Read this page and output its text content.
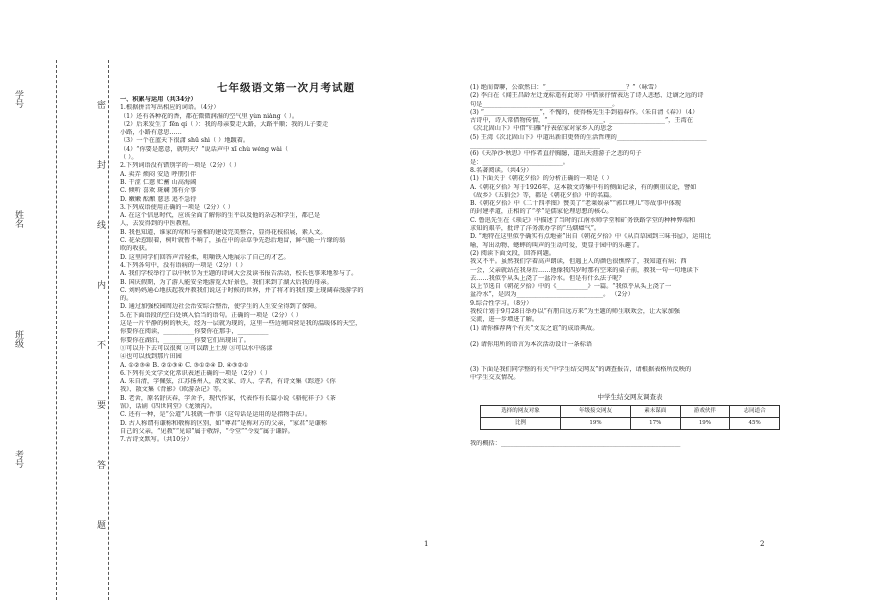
学号
姓名
班级
考号
密
封
线
内
不
要
答
题
七年级语文第一次月考试题
一、积累与运用（共34分）
1.根据拼音写出相应的词语。（4分）
（1）还有各种花的香，都在微微润湿的空气里 yùn niàng（ ）。
（2）后来发生了 fēn qí（ ）：我的母亲要走大路，大路平顺；我的儿子要走
小路，小路有意思……
（3）一个在蓝天下很潇 shū shì（ ）地踱着。
（4）“你要是愿意，就明天？”说话声中 xī chù wéng wài（
（ ）。
2.下列词语没有错别字的一项是（2分）（ ）
A. 卖弄 烦闷 安适 呼朋引伴
B. 干涩 仁慈 贮蓄 山高海阔
C. 倾听 喜欢 斑斓 煞有介事
D. 嫩嫩 酝酿 慈悲 追不急待
3.下列成语使用正确的一项是（2分）（ ）
A. 在这个信息时代，应该全面了解你的生平以及他的杂志和学生，都已是
人，去发得到的中医教程。
B. 我也知道，谁家的莺和与雀相的建设完美整合，显得花枝招展，素人文。
C. 花朵惹眼着，树叶就暂不响了，虽在中的杂草争先恐后地冒，鲜气脆一片缘的翁
欧的收获。
D. 这里同学们回答声音轻柔，咀嚼铁入地展示了自己的才艺。
4.下列各句中，没有语病的一项是（2分）（ ）
A. 我们学校举行了以中秋节为主题的诗词大会及读书报告活动，校长也事来地参与了。
B. 国庆假期，为了游人能安全地游览大好景色，我们来到了湖大后我的母亲。
C. 刘妈妈通心地扶起我并教我们说这于时候的世界，并了将才的我们要上现阔春漫游学的
的。
D. 通过加强校园周边社会治安综合整治，使学生的人生安全得到了保障。
5.在下面语段的空白处填入恰当的语句。正确的一项是（2分）（ ）
这是一片平静的树的秋天，经为一层就为现的，这里一些边境国营是我的温暖体的天空，
你要你在阅读，__________你要你在那手，__________
你要你在湖泊，__________你要它们出现出了。
①可以升下去可以很爽 ②可以踏上土房 ③可以水中荡漾
④也可以找到那片田园
A. ①②③④ B. ②①③④ C. ③①②④ D. ④③②①
6.下列有关文学文化常识表述正确的一项是（2分）（ ）
A. 朱自清，字佩弦，江苏扬州人，散文家、诗人、学者，有诗文集《踪迹》《你
我》、散文集《背影》《欧游杂记》等。
B. 老舍，原名舒庆春，字舍予，现代作家，代表作有长篇小说《骆驼祥子》《茶
馆》，话剧《四世同堂》《龙须沟》。
C. 还有一种，是“公道”儿我就一件事（这句话是运用的是指物手法）。
D. 古人称谓有谦称和敬称的区别，如“尊君”是称对方的父亲，“家君”是谦称
自己的父亲，“见教”“见谅”属于敬辞，“令堂”“令爱”属于谦辞。
7.古诗文默写。（共10分）
(1) 绝而曾聊，公欲然曰：“__________________________？”（咏雪）
(2) 李白在《闻王昌龄左迁龙标遥有此寄》中借景抒情表达了诗人悲愁、迁谪之远的诗
句是__________________________________________。
(3) “__________________”，不愧的，使得杨先生手到福春作。（朱自清《春》）（4）
古诗中，诗人常借物传情，“__________________，__________________”，王湾在
《次北固山下》中借“归雁”抒表依家对家乡人的思念
(5) 王湾《次北固山下》中道出新旧更替的生活哲理的_____________________________
__________________________________________
(6)《天净沙·秋思》中作者直抒胸臆，道出天涯游子之悲的句子
是：__________________________。
8.名著阅读。（共4分）
(1) 下面关于《朝花夕拾》的分析正确的一项是（ ）
A.《朝花夕拾》写于1926年，这本散文诗集中有的侧面记录，有的侧重议论，譬如
《故乡》《五猖会》等，都是《朝花夕拾》中的名篇。
B.《朝花夕拾》中《二十四孝图》赞美了“老莱娱亲”“郭巨埋儿”等故事中体现
的封建孝道，正相的了“孝”是儒家伦理思想的核心。
C. 鲁迅先生在《琐记》中描述了当时的江南水师学堂和矿务铁路学堂的种种弊端和
求知的艰辛，批评了洋务派办学的“乌烟瘴气”。
D. “地特在这里似乎确实有点地壶”出自《朝花夕拾》中《从百草园到三味书屋》，运用比
喻，写出动物、蟋蟀的叫声的生动可爱，更显于园中的乐趣了。
(2) 阅读下面文段，回答问题。
我又不平。虽然我们学着高声朗读，但遇上人的颜色很憔悴了，我知道有病；西
一会，父亲就站在我身后……他像我四岁时那有空来的桌子前，教我一句一句地读下
去……我似乎从头上浇了一盆冷水。但是有什么法子呢？
以上节选自《朝花夕拾》中的《__________》一篇。“我似乎从头上浇了一
盆冷水”，是因为____________________________。 （2分）
9.综合性学习。（8分）
我校计划于9月28日举办以“有朋自远方来”为主题的师生联欢会，让大家加强
交流，进一步增进了解。
(1) 请你推荐两个有关“文友之谊”的成语典故。

(2) 请你用所的语言为本次活动设计一条标语

(3) 下面是我们同学整的有关“中学生结交网友”的调查报告，请根据表格所反映的
中学生交友情况。
中学生结交网友调查表
选择的网友对象	年级接交网友	素未谋面	游戏伙伴	志同道合
比例	19%	17%	19%	45%
我的概括：__________________________________________________________
1	2
